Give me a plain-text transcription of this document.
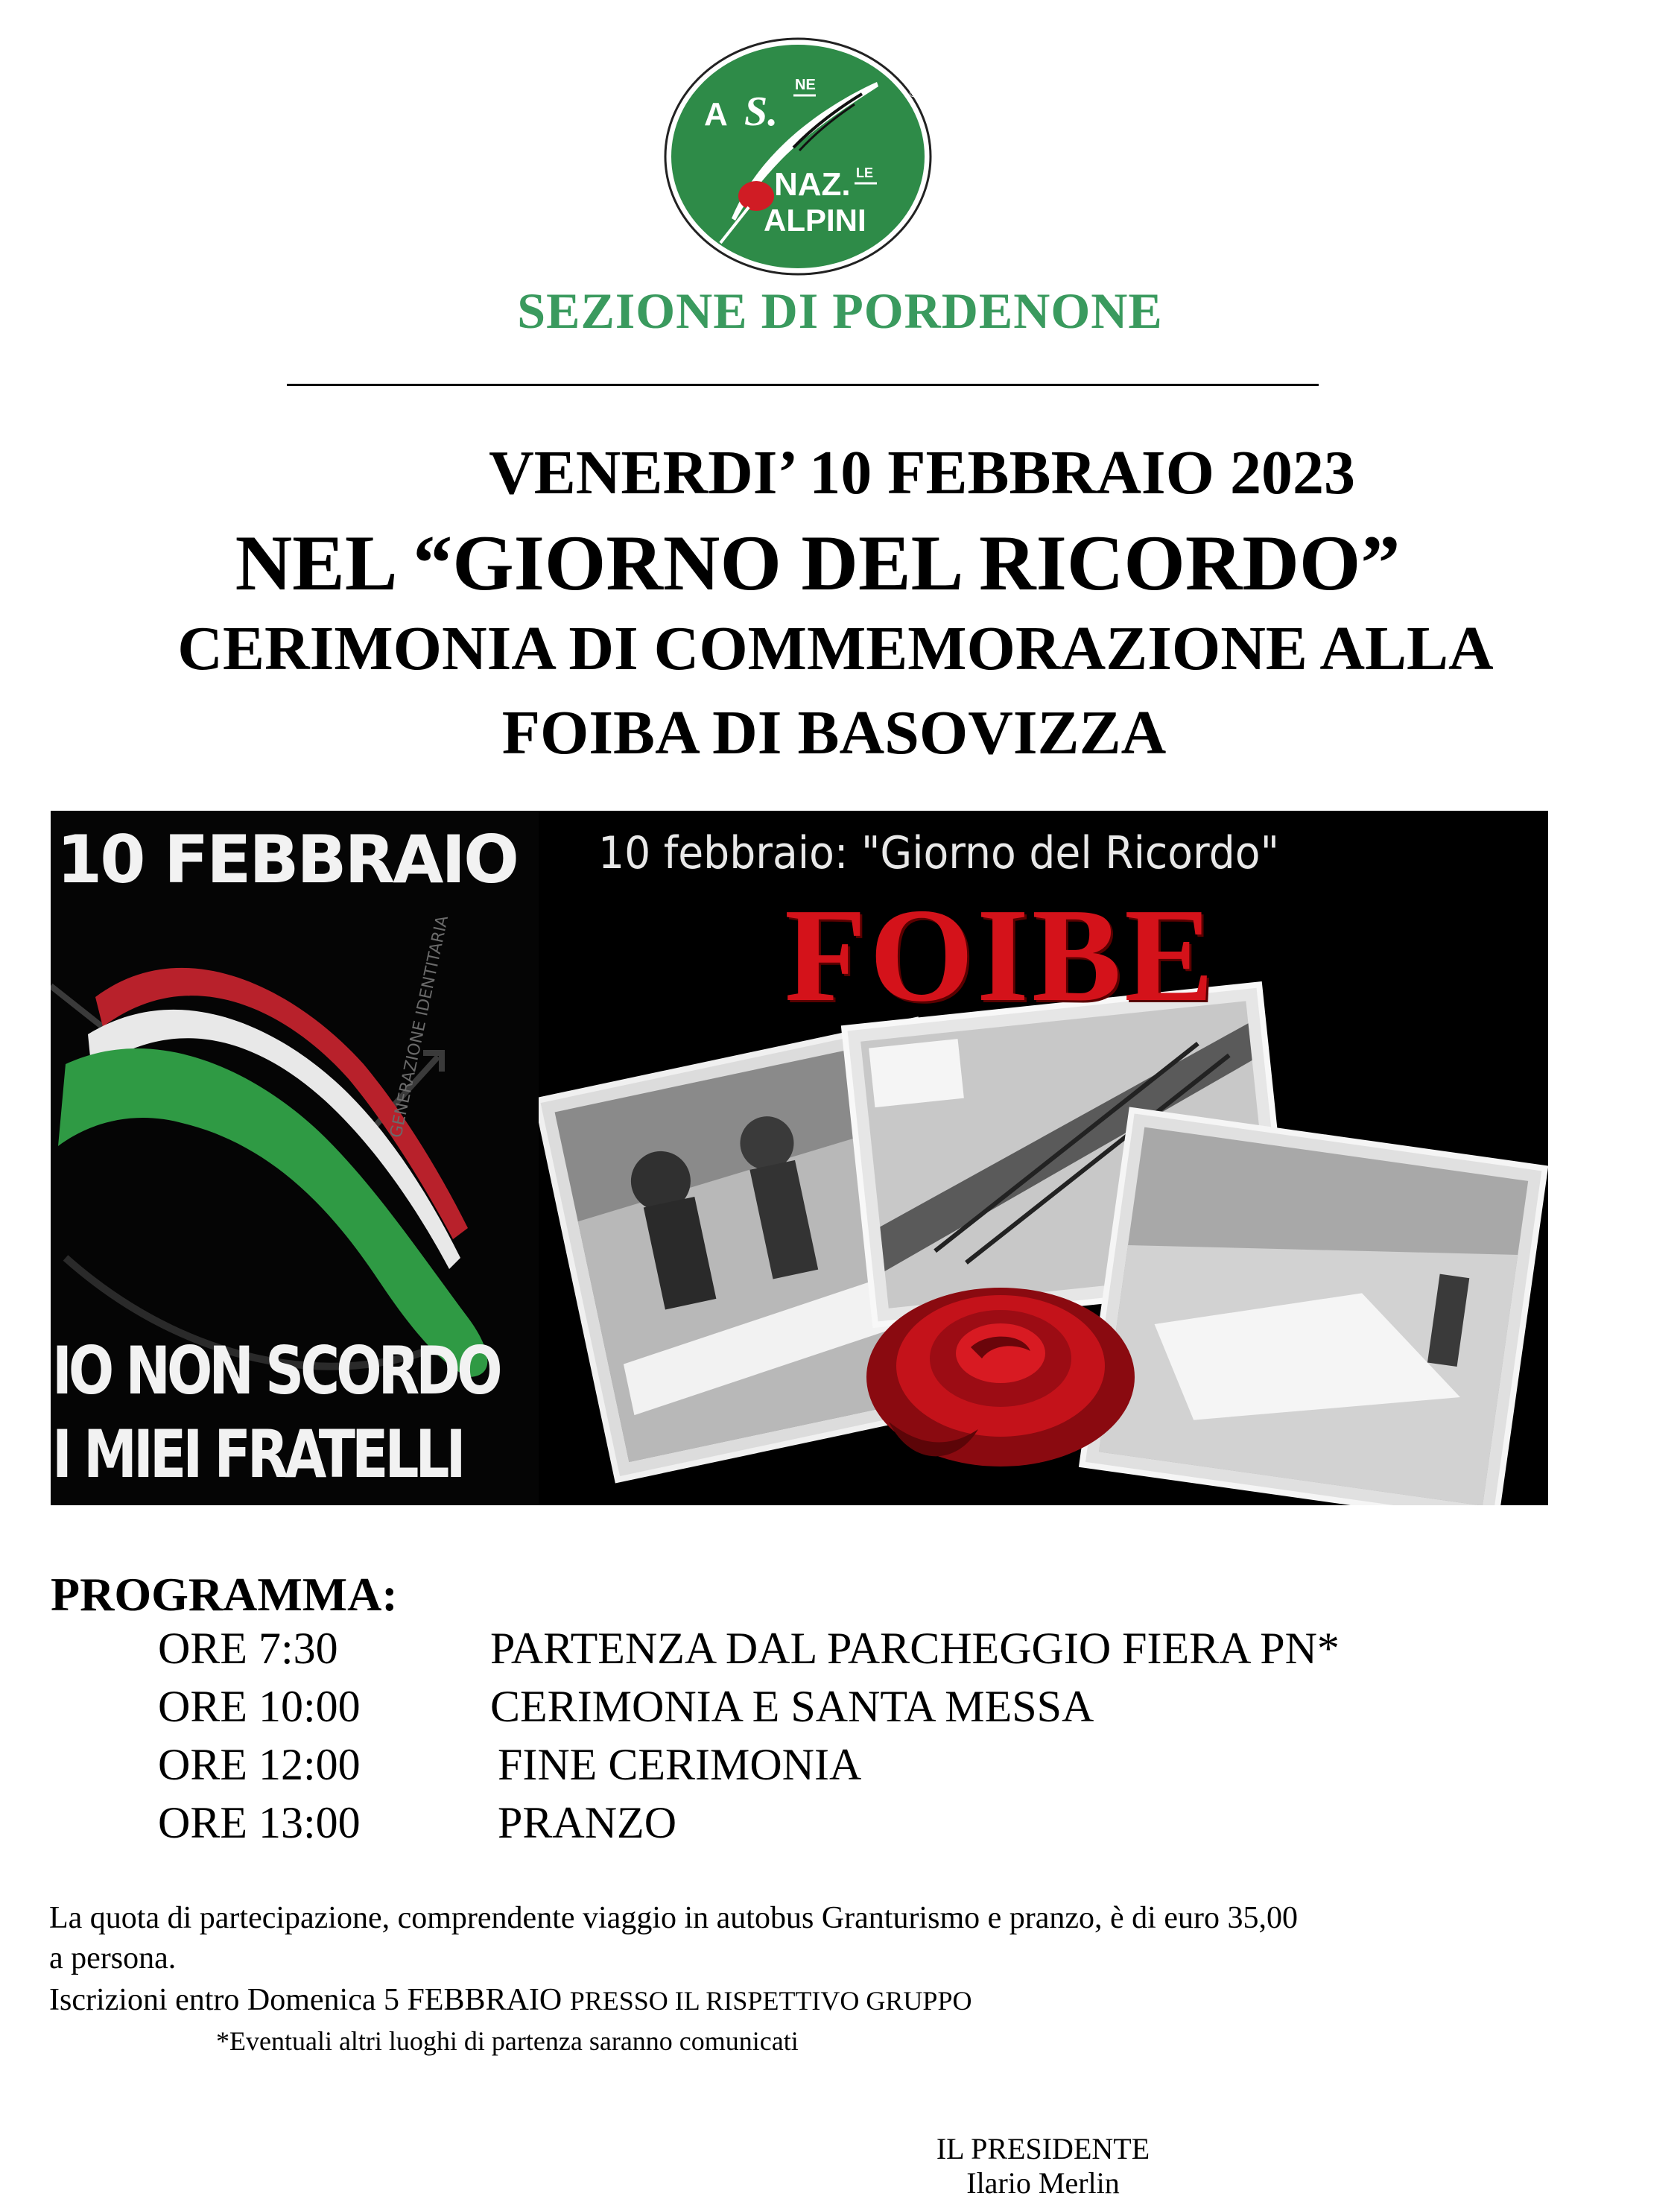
A S.
NE
NAZ. LE
ALPINI
®
SEZIONE DI PORDENONE
VENERDI’ 10 FEBBRAIO 2023
NEL “GIORNO DEL RICORDO”
CERIMONIA DI COMMEMORAZIONE ALLA
FOIBA DI BASOVIZZA
GENERAZIONE IDENTITARIA
10 FEBBRAIO
IO NON SCORDO
I MIEI FRATELLI
10 febbraio: "Giorno del Ricordo"
FOIBE
PROGRAMMA:
ORE 7:30	PARTENZA DAL PARCHEGGIO FIERA PN*
ORE 10:00	CERIMONIA E SANTA MESSA
ORE 12:00	FINE CERIMONIA
ORE 13:00	PRANZO
La quota di partecipazione, comprendente viaggio in autobus Granturismo e pranzo, è di euro 35,00
a persona.
Iscrizioni entro Domenica 5 FEBBRAIO PRESSO IL RISPETTIVO GRUPPO
*Eventuali altri luoghi di partenza saranno comunicati
IL PRESIDENTE
Ilario Merlin
